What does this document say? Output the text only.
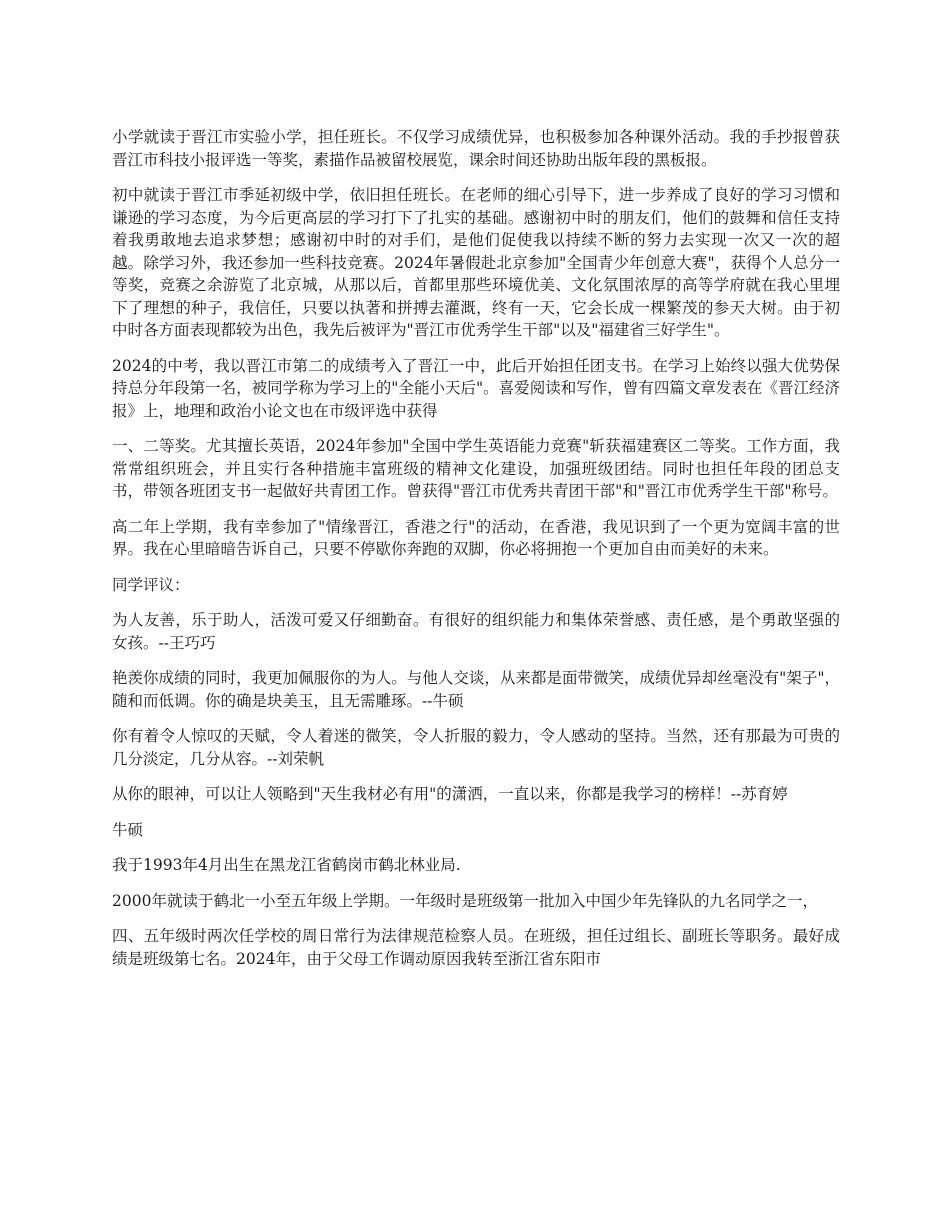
小学就读于晋江市实验小学，担任班长。不仅学习成绩优异，也积极参加各种课外活动。我的手抄报曾获晋江市科技小报评选一等奖，素描作品被留校展览，课余时间还协助出版年段的黑板报。

初中就读于晋江市季延初级中学，依旧担任班长。在老师的细心引导下，进一步养成了良好的学习习惯和谦逊的学习态度，为今后更高层的学习打下了扎实的基础。感谢初中时的朋友们，他们的鼓舞和信任支持着我勇敢地去追求梦想；感谢初中时的对手们，是他们促使我以持续不断的努力去实现一次又一次的超越。除学习外，我还参加一些科技竞赛。2024年暑假赴北京参加"全国青少年创意大赛"，获得个人总分一等奖，竞赛之余游览了北京城，从那以后，首都里那些环境优美、文化氛围浓厚的高等学府就在我心里埋下了理想的种子，我信任，只要以执著和拼搏去灌溉，终有一天，它会长成一棵繁茂的参天大树。由于初中时各方面表现都较为出色，我先后被评为"晋江市优秀学生干部"以及"福建省三好学生"。

2024的中考，我以晋江市第二的成绩考入了晋江一中，此后开始担任团支书。在学习上始终以强大优势保持总分年段第一名，被同学称为学习上的"全能小天后"。喜爱阅读和写作，曾有四篇文章发表在《晋江经济报》上，地理和政治小论文也在市级评选中获得

一、二等奖。尤其擅长英语，2024年参加"全国中学生英语能力竞赛"斩获福建赛区二等奖。工作方面，我常常组织班会，并且实行各种措施丰富班级的精神文化建设，加强班级团结。同时也担任年段的团总支书，带领各班团支书一起做好共青团工作。曾获得"晋江市优秀共青团干部"和"晋江市优秀学生干部"称号。

高二年上学期，我有幸参加了"情缘晋江，香港之行"的活动，在香港，我见识到了一个更为宽阔丰富的世界。我在心里暗暗告诉自己，只要不停歇你奔跑的双脚，你必将拥抱一个更加自由而美好的未来。

同学评议：

为人友善，乐于助人，活泼可爱又仔细勤奋。有很好的组织能力和集体荣誉感、责任感，是个勇敢坚强的女孩。--王巧巧

艳羡你成绩的同时，我更加佩服你的为人。与他人交谈，从来都是面带微笑，成绩优异却丝毫没有"架子"，随和而低调。你的确是块美玉，且无需雕琢。--牛硕

你有着令人惊叹的天赋，令人着迷的微笑，令人折服的毅力，令人感动的坚持。当然，还有那最为可贵的几分淡定，几分从容。--刘荣帆

从你的眼神，可以让人领略到"天生我材必有用"的潇洒，一直以来，你都是我学习的榜样！--苏育婷

牛硕

我于1993年4月出生在黑龙江省鹤岗市鹤北林业局.

2000年就读于鹤北一小至五年级上学期。一年级时是班级第一批加入中国少年先锋队的九名同学之一，

四、五年级时两次任学校的周日常行为法律规范检察人员。在班级，担任过组长、副班长等职务。最好成绩是班级第七名。2024年，由于父母工作调动原因我转至浙江省东阳市
